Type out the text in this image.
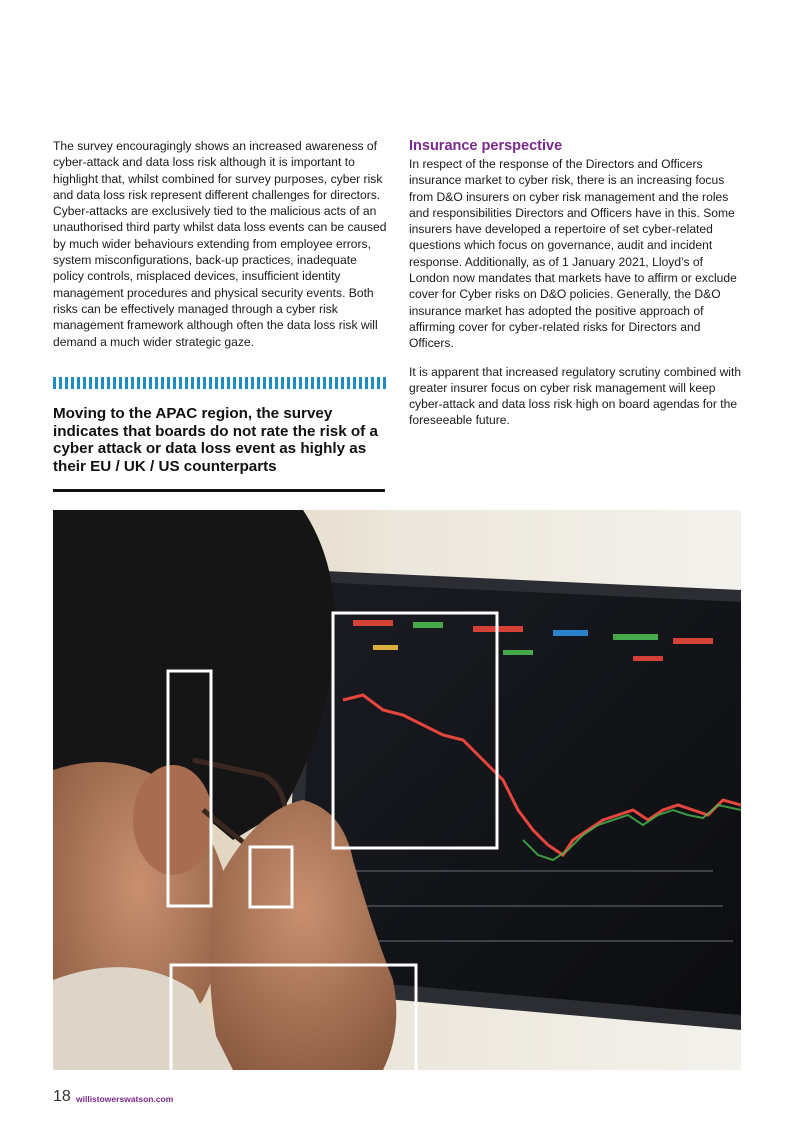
The survey encouragingly shows an increased awareness of cyber-attack and data loss risk although it is important to highlight that, whilst combined for survey purposes, cyber risk and data loss risk represent different challenges for directors. Cyber-attacks are exclusively tied to the malicious acts of an unauthorised third party whilst data loss events can be caused by much wider behaviours extending from employee errors, system misconfigurations, back-up practices, inadequate policy controls, misplaced devices, insufficient identity management procedures and physical security events. Both risks can be effectively managed through a cyber risk management framework although often the data loss risk will demand a much wider strategic gaze.

Moving to the APAC region, the survey indicates that boards do not rate the risk of a cyber attack or data loss event as highly as their EU / UK / US counterparts

Insurance perspective

In respect of the response of the Directors and Officers insurance market to cyber risk, there is an increasing focus from D&O insurers on cyber risk management and the roles and responsibilities Directors and Officers have in this. Some insurers have developed a repertoire of set cyber-related questions which focus on governance, audit and incident response. Additionally, as of 1 January 2021, Lloyd’s of London now mandates that markets have to affirm or exclude cover for Cyber risks on D&O policies. Generally, the D&O insurance market has adopted the positive approach of affirming cover for cyber-related risks for Directors and Officers.

It is apparent that increased regulatory scrutiny combined with greater insurer focus on cyber risk management will keep cyber-attack and data loss risk high on board agendas for the foreseeable future.

18 willistowerswatson.com
